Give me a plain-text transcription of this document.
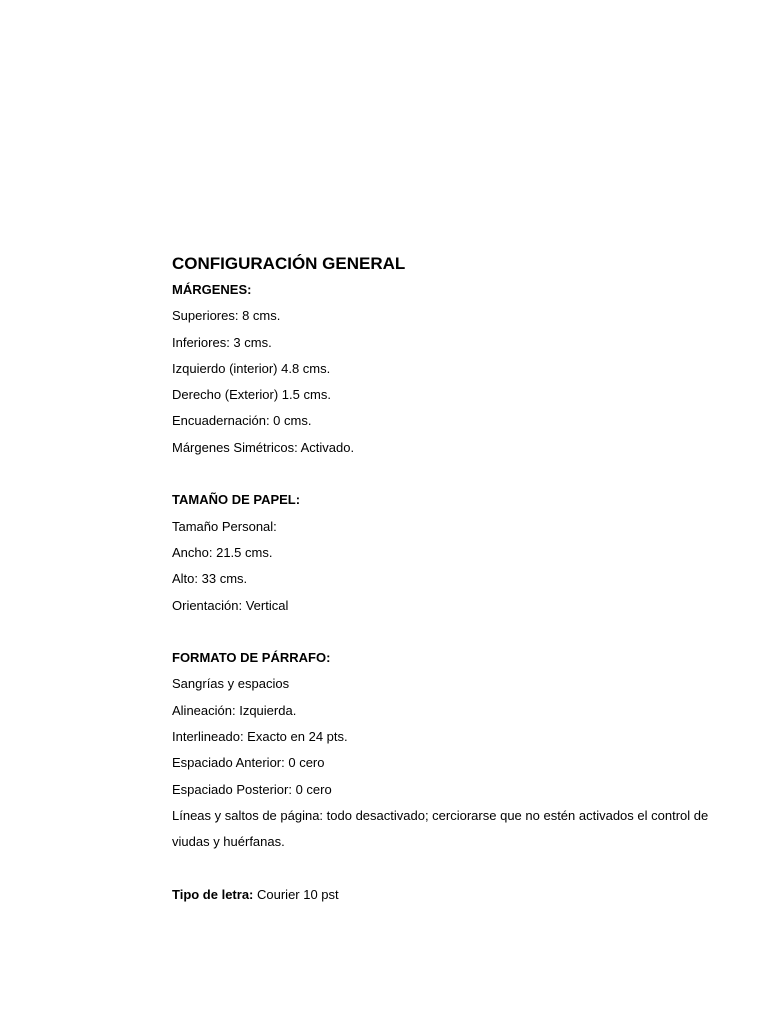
CONFIGURACIÓN GENERAL
MÁRGENES:

Superiores: 8 cms.

Inferiores: 3 cms.

Izquierdo (interior) 4.8 cms.

Derecho (Exterior) 1.5 cms.

Encuadernación: 0 cms.

Márgenes Simétricos: Activado.

TAMAÑO DE PAPEL:

Tamaño Personal:

Ancho: 21.5 cms.

Alto: 33 cms.

Orientación: Vertical

FORMATO DE PÁRRAFO:

Sangrías y espacios

Alineación: Izquierda.

Interlineado: Exacto en 24 pts.

Espaciado Anterior: 0 cero

Espaciado Posterior: 0 cero

Líneas y saltos de página: todo desactivado; cerciorarse que no estén activados el control de

viudas y huérfanas.

Tipo de letra: Courier 10 pst
